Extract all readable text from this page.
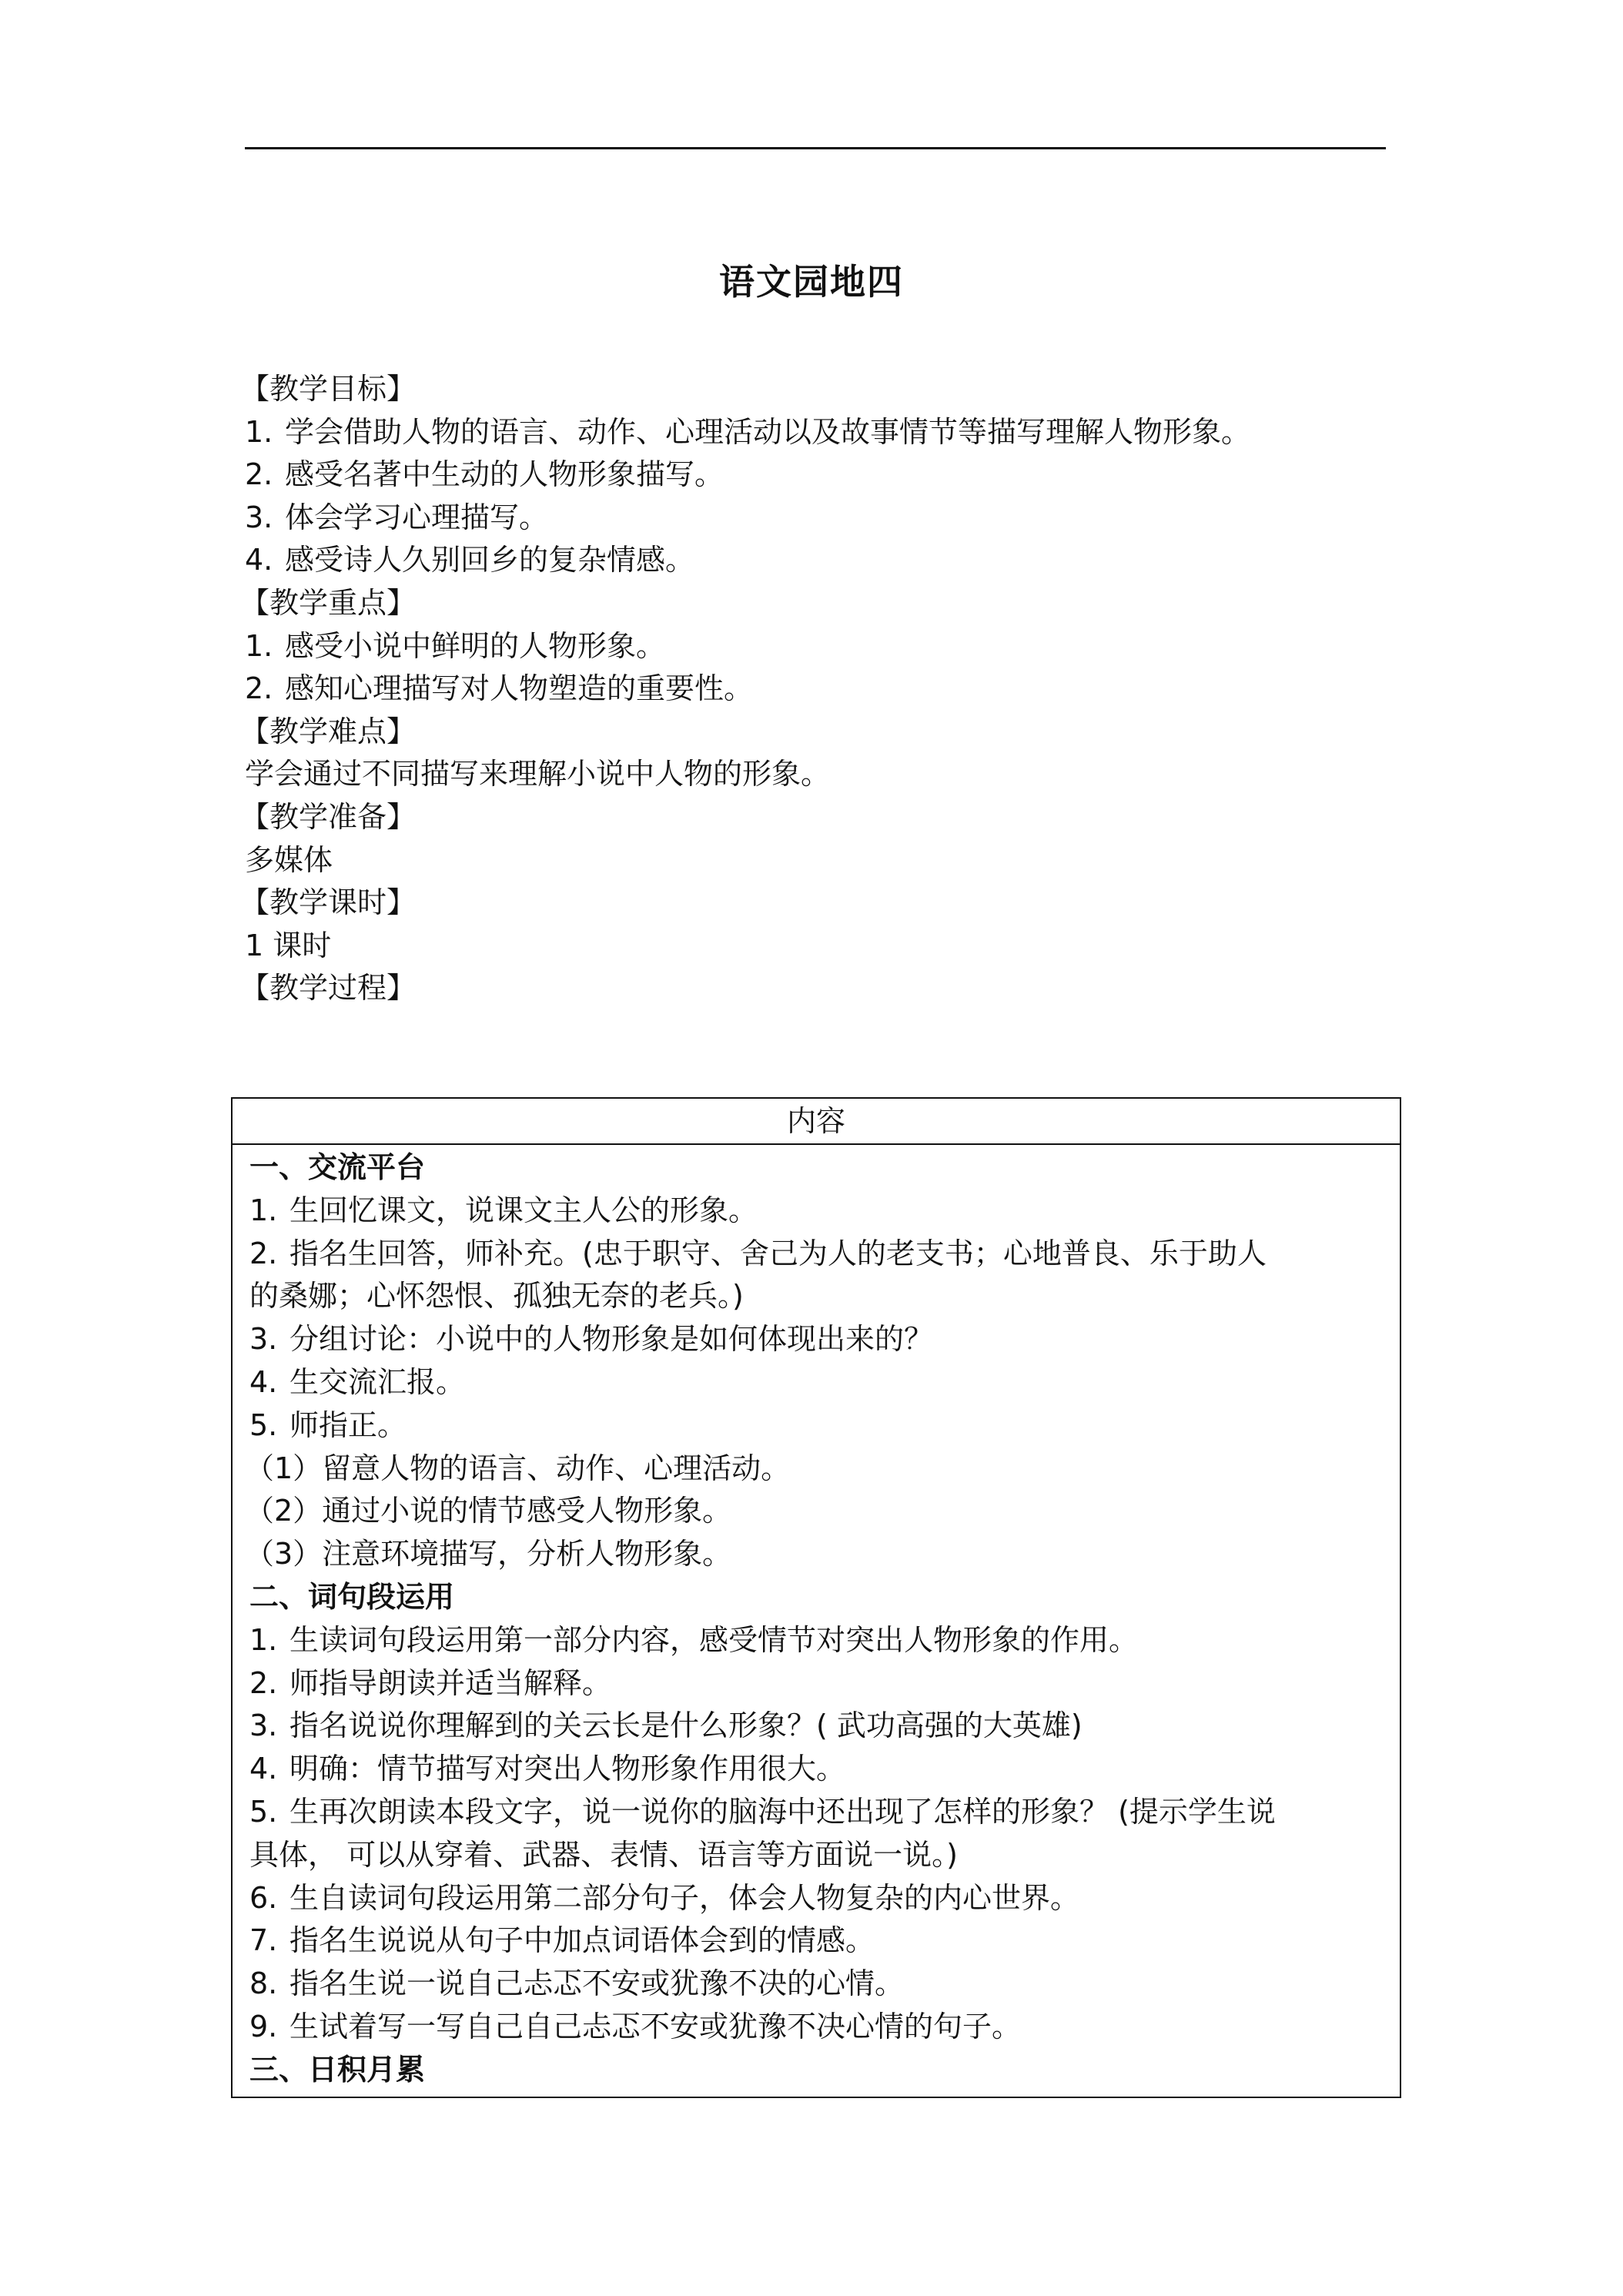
语文园地四
【教学目标】
1. 学会借助人物的语言、动作、心理活动以及故事情节等描写理解人物形象。
2. 感受名著中生动的人物形象描写。
3. 体会学习心理描写。
4. 感受诗人久别回乡的复杂情感。
【教学重点】
1. 感受小说中鲜明的人物形象。
2. 感知心理描写对人物塑造的重要性。
【教学难点】
学会通过不同描写来理解小说中人物的形象。
【教学准备】
多媒体
【教学课时】
1 课时
【教学过程】
内容
一、交流平台
1. 生回忆课文，说课文主人公的形象。
2. 指名生回答，师补充。(忠于职守、舍己为人的老支书；心地普良、乐于助人
的桑娜；心怀怨恨、孤独无奈的老兵。)
3. 分组讨论：小说中的人物形象是如何体现出来的？
4. 生交流汇报。
5. 师指正。
（1）留意人物的语言、动作、心理活动。
（2）通过小说的情节感受人物形象。
（3）注意环境描写，分析人物形象。
二、词句段运用
1. 生读词句段运用第一部分内容，感受情节对突出人物形象的作用。
2. 师指导朗读并适当解释。
3. 指名说说你理解到的关云长是什么形象？( 武功高强的大英雄)
4. 明确：情节描写对突出人物形象作用很大。
5. 生再次朗读本段文字，说一说你的脑海中还出现了怎样的形象？ (提示学生说
具体， 可以从穿着、武器、表情、语言等方面说一说。)
6. 生自读词句段运用第二部分句子，体会人物复杂的内心世界。
7. 指名生说说从句子中加点词语体会到的情感。
8. 指名生说一说自己忐忑不安或犹豫不决的心情。
9. 生试着写一写自己自己忐忑不安或犹豫不决心情的句子。
三、日积月累
